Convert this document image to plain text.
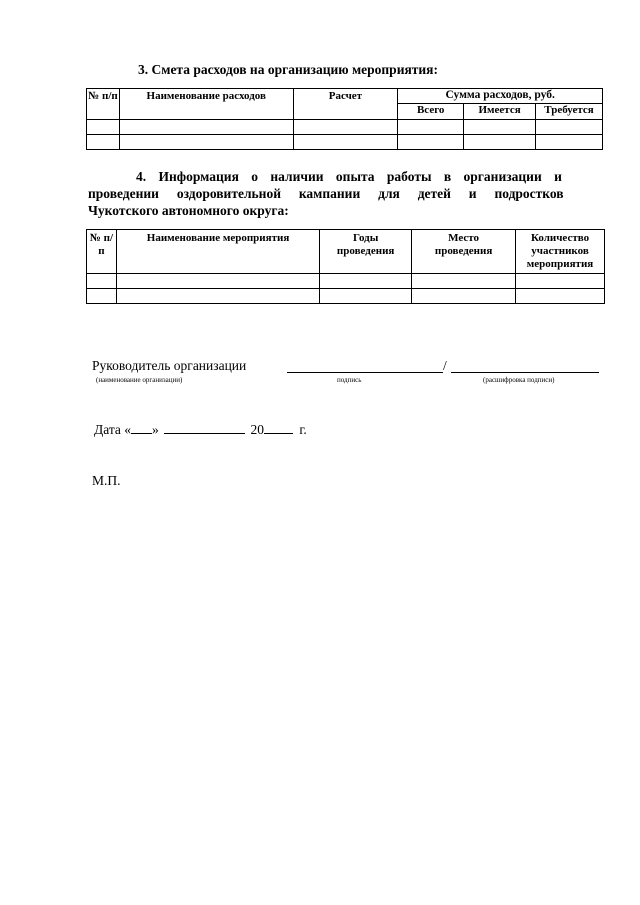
3. Смета расходов на организацию мероприятия:
№ п/п	Наименование расходов	Расчет	Сумма расходов, руб.		
			Всего	Имеется	Требуется

4. Информация о наличии опыта работы в организации и
проведении оздоровительной кампании для детей и подростков
Чукотского автономного округа:
№ п/п	Наименование мероприятия	Годы проведения	Место проведения	Количество участников мероприятия

Руководитель организации	/
(наименование организации)	подпись	(расшифровка подписи)
Дата « »	20	г.
М.П.
